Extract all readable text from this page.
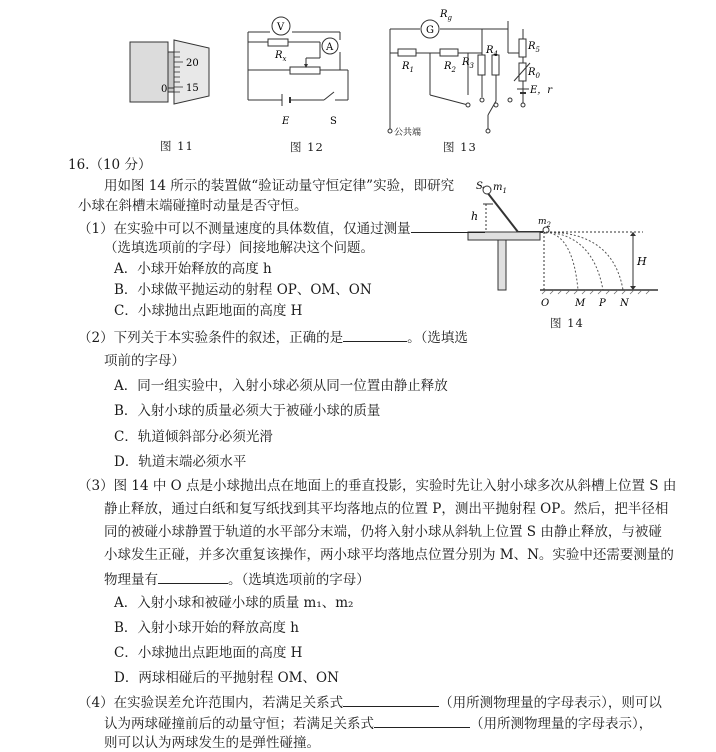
20
15
0
图 11
V
A
$R_x$
E	S
图 12
G
$R_g$
$R_1$	$R_2$
$R_3$
$R_4$
$R_5$
$R_0$
E，r
公共端
图 13
16.（10 分）
用如图 14 所示的装置做“验证动量守恒定律”实验，即研究
小球在斜槽末端碰撞时动量是否守恒。
S $m_1$
h	$m_2$
H
O	M P N
图 14
（1）在实验中可以不测量速度的具体数值，仅通过测量
（选填选项前的字母）间接地解决这个问题。
A．小球开始释放的高度 h
B．小球做平抛运动的射程 OP、OM、ON
C．小球抛出点距地面的高度 H
（2）下列关于本实验条件的叙述，正确的是	。（选填选
项前的字母）
A．同一组实验中，入射小球必须从同一位置由静止释放
B．入射小球的质量必须大于被碰小球的质量
C．轨道倾斜部分必须光滑
D．轨道末端必须水平
（3）图 14 中 O 点是小球抛出点在地面上的垂直投影，实验时先让入射小球多次从斜槽上位置 S 由
静止释放，通过白纸和复写纸找到其平均落地点的位置 P，测出平抛射程 OP。然后，把半径相
同的被碰小球静置于轨道的水平部分末端，仍将入射小球从斜轨上位置 S 由静止释放，与被碰
小球发生正碰，并多次重复该操作，两小球平均落地点位置分别为 M、N。实验中还需要测量的
物理量有	。（选填选项前的字母）
A．入射小球和被碰小球的质量 m₁、m₂
B．入射小球开始的释放高度 h
C．小球抛出点距地面的高度 H
D．两球相碰后的平抛射程 OM、ON
（4）在实验误差允许范围内，若满足关系式	（用所测物理量的字母表示），则可以
认为两球碰撞前后的动量守恒；若满足关系式	（用所测物理量的字母表示），
则可以认为两球发生的是弹性碰撞。
